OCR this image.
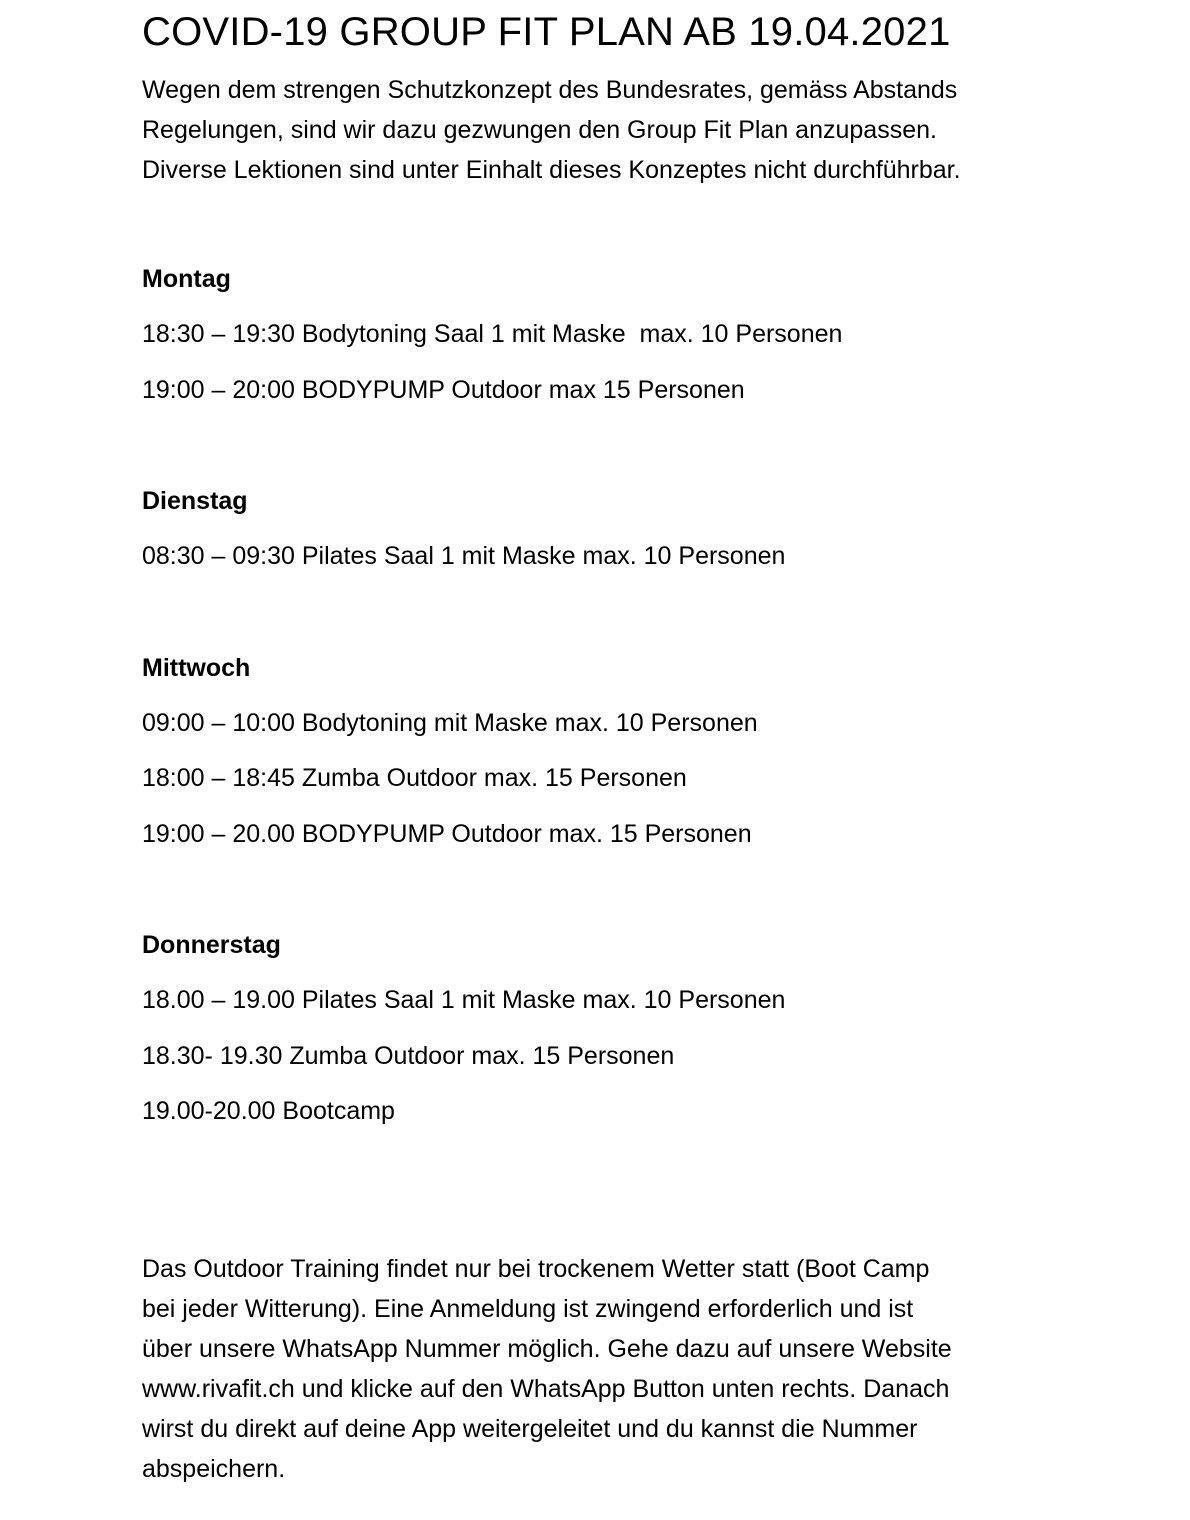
COVID-19 GROUP FIT PLAN AB 19.04.2021
Wegen dem strengen Schutzkonzept des Bundesrates, gemäss Abstands
Regelungen, sind wir dazu gezwungen den Group Fit Plan anzupassen.
Diverse Lektionen sind unter Einhalt dieses Konzeptes nicht durchführbar.
Montag
18:30 – 19:30 Bodytoning Saal 1 mit Maske  max. 10 Personen
19:00 – 20:00 BODYPUMP Outdoor max 15 Personen
Dienstag
08:30 – 09:30 Pilates Saal 1 mit Maske max. 10 Personen
Mittwoch
09:00 – 10:00 Bodytoning mit Maske max. 10 Personen
18:00 – 18:45 Zumba Outdoor max. 15 Personen
19:00 – 20.00 BODYPUMP Outdoor max. 15 Personen
Donnerstag
18.00 – 19.00 Pilates Saal 1 mit Maske max. 10 Personen
18.30- 19.30 Zumba Outdoor max. 15 Personen
19.00-20.00 Bootcamp
Das Outdoor Training findet nur bei trockenem Wetter statt (Boot Camp
bei jeder Witterung). Eine Anmeldung ist zwingend erforderlich und ist
über unsere WhatsApp Nummer möglich. Gehe dazu auf unsere Website
www.rivafit.ch und klicke auf den WhatsApp Button unten rechts. Danach
wirst du direkt auf deine App weitergeleitet und du kannst die Nummer
abspeichern.
